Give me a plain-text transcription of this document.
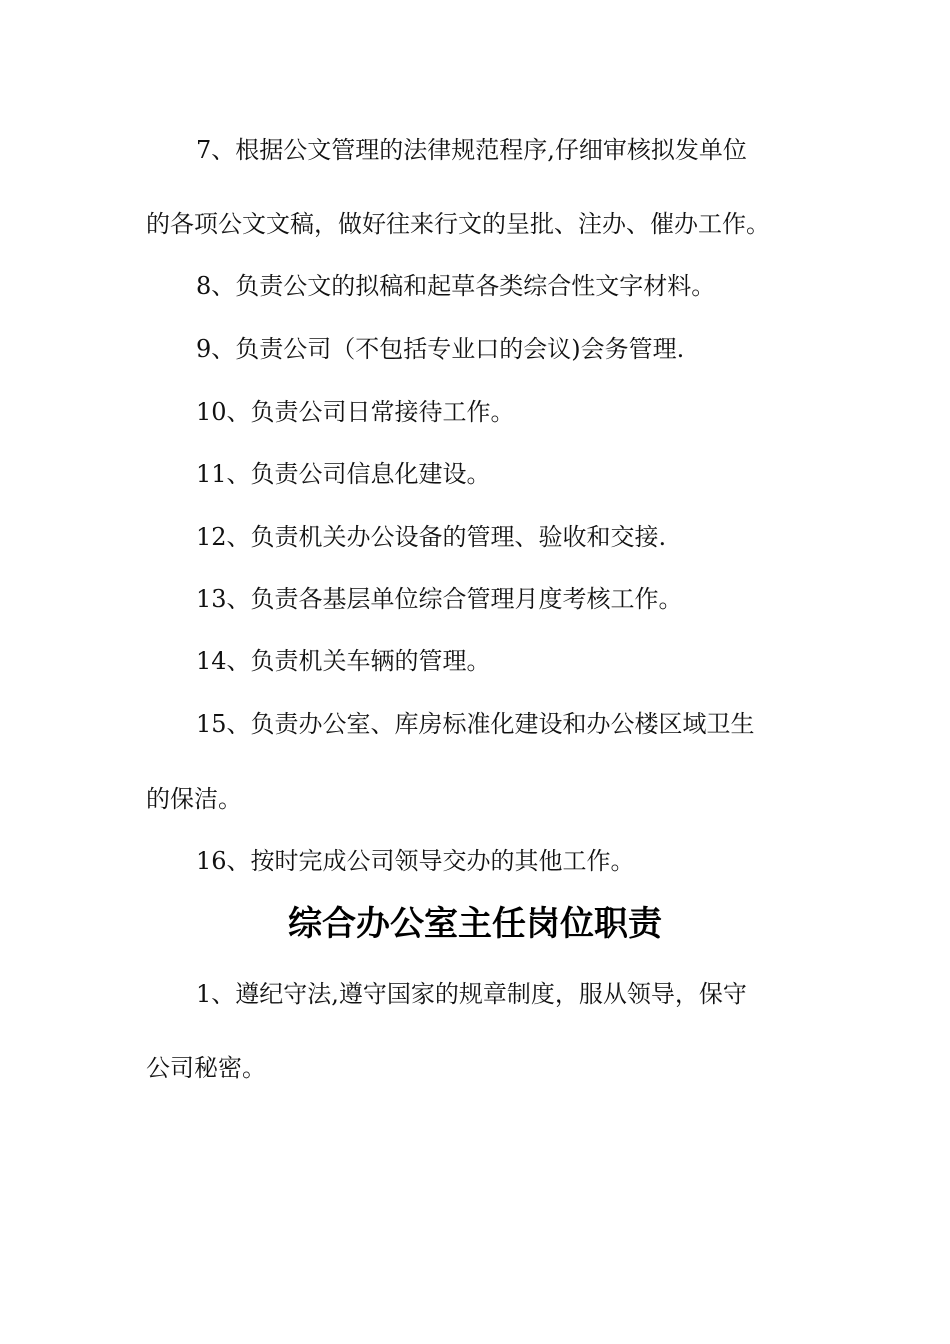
7、根据公文管理的法律规范程序,仔细审核拟发单位
的各项公文文稿，做好往来行文的呈批、注办、催办工作。
8、负责公文的拟稿和起草各类综合性文字材料。
9、负责公司（不包括专业口的会议)会务管理.
10、负责公司日常接待工作。
11、负责公司信息化建设。
12、负责机关办公设备的管理、验收和交接.
13、负责各基层单位综合管理月度考核工作。
14、负责机关车辆的管理。
15、负责办公室、库房标准化建设和办公楼区域卫生
的保洁。
16、按时完成公司领导交办的其他工作。
综合办公室主任岗位职责
1、遵纪守法,遵守国家的规章制度，服从领导，保守
公司秘密。
